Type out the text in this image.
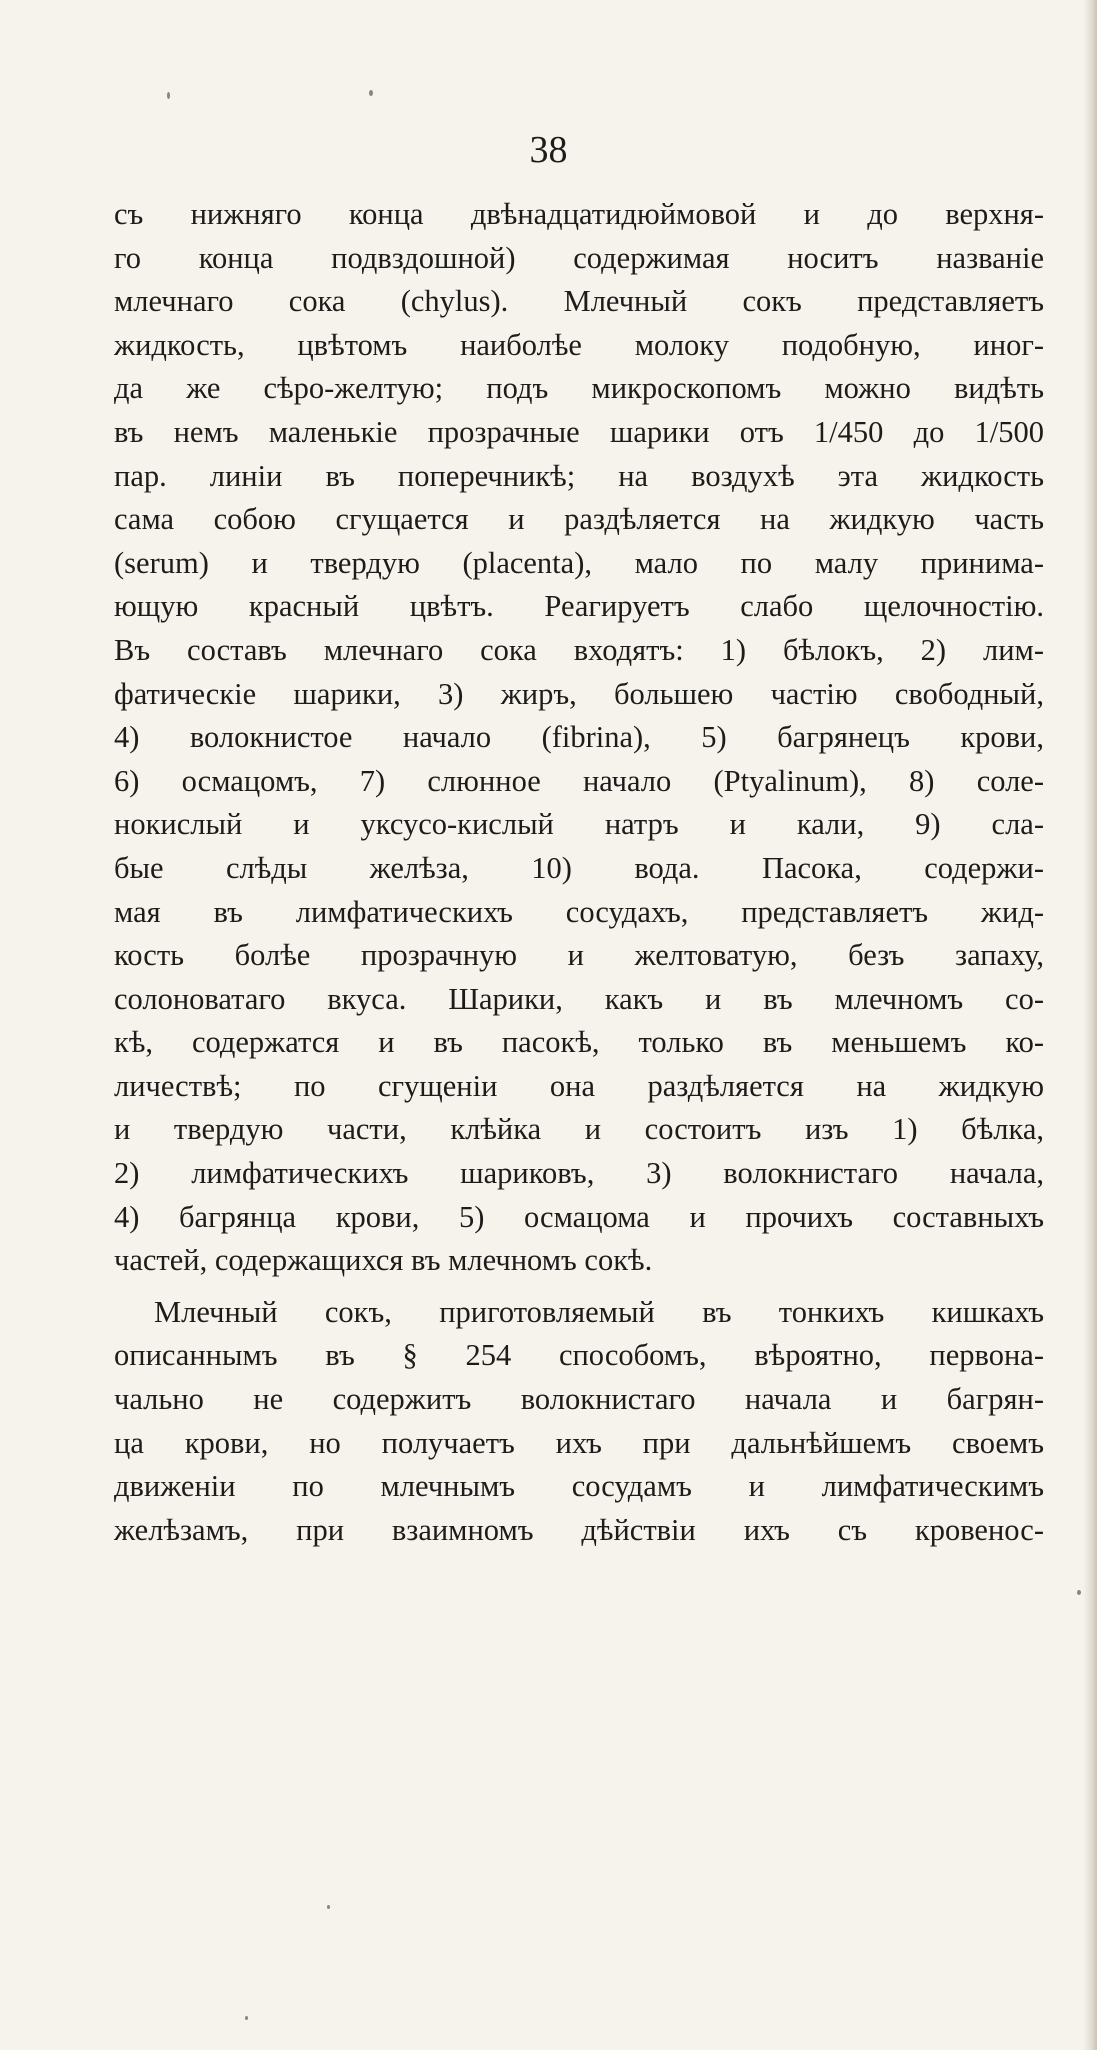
38
съ нижняго конца двѣнадцатидюймовой и до верхня-
го конца подвздошной) содержимая носитъ названіе
млечнаго сока (chylus). Млечный сокъ представляетъ
жидкость, цвѣтомъ наиболѣе молоку подобную, иног-
да же сѣро-желтую; подъ микроскопомъ можно видѣть
въ немъ маленькіе прозрачные шарики отъ 1/450 до 1/500
пар. линіи въ поперечникѣ; на воздухѣ эта жидкость
сама собою сгущается и раздѣляется на жидкую часть
(serum) и твердую (placenta), мало по малу принима-
ющую красный цвѣтъ. Реагируетъ слабо щелочностію.
Въ составъ млечнаго сока входятъ: 1) бѣлокъ, 2) лим-
фатическіе шарики, 3) жиръ, большею частію свободный,
4) волокнистое начало (fibrina), 5) багрянецъ крови,
6) осмацомъ, 7) слюнное начало (Ptyalinum), 8) соле-
нокислый и уксусо-кислый натръ и кали, 9) сла-
быe слѣды желѣза, 10) вода. Пасока, содержи-
мая въ лимфатическихъ сосудахъ, представляетъ жид-
кость болѣе прозрачную и желтоватую, безъ запаху,
солоноватаго вкуса. Шарики, какъ и въ млечномъ со-
кѣ, содержатся и въ пасокѣ, только въ меньшемъ ко-
личествѣ; по сгущеніи она раздѣляется на жидкую
и твердую части, клѣйка и состоитъ изъ 1) бѣлка,
2) лимфатическихъ шариковъ, 3) волокнистаго начала,
4) багрянца крови, 5) осмацома и прочихъ составныхъ
частей, содержащихся въ млечномъ сокѣ.
Млечный сокъ, приготовляемый въ тонкихъ кишкахъ
описаннымъ въ § 254 способомъ, вѣроятно, первона-
чально не содержитъ волокнистаго начала и багрян-
ца крови, но получаетъ ихъ при дальнѣйшемъ своемъ
движеніи по млечнымъ сосудамъ и лимфатическимъ
желѣзамъ, при взаимномъ дѣйствіи ихъ съ кровенос-
